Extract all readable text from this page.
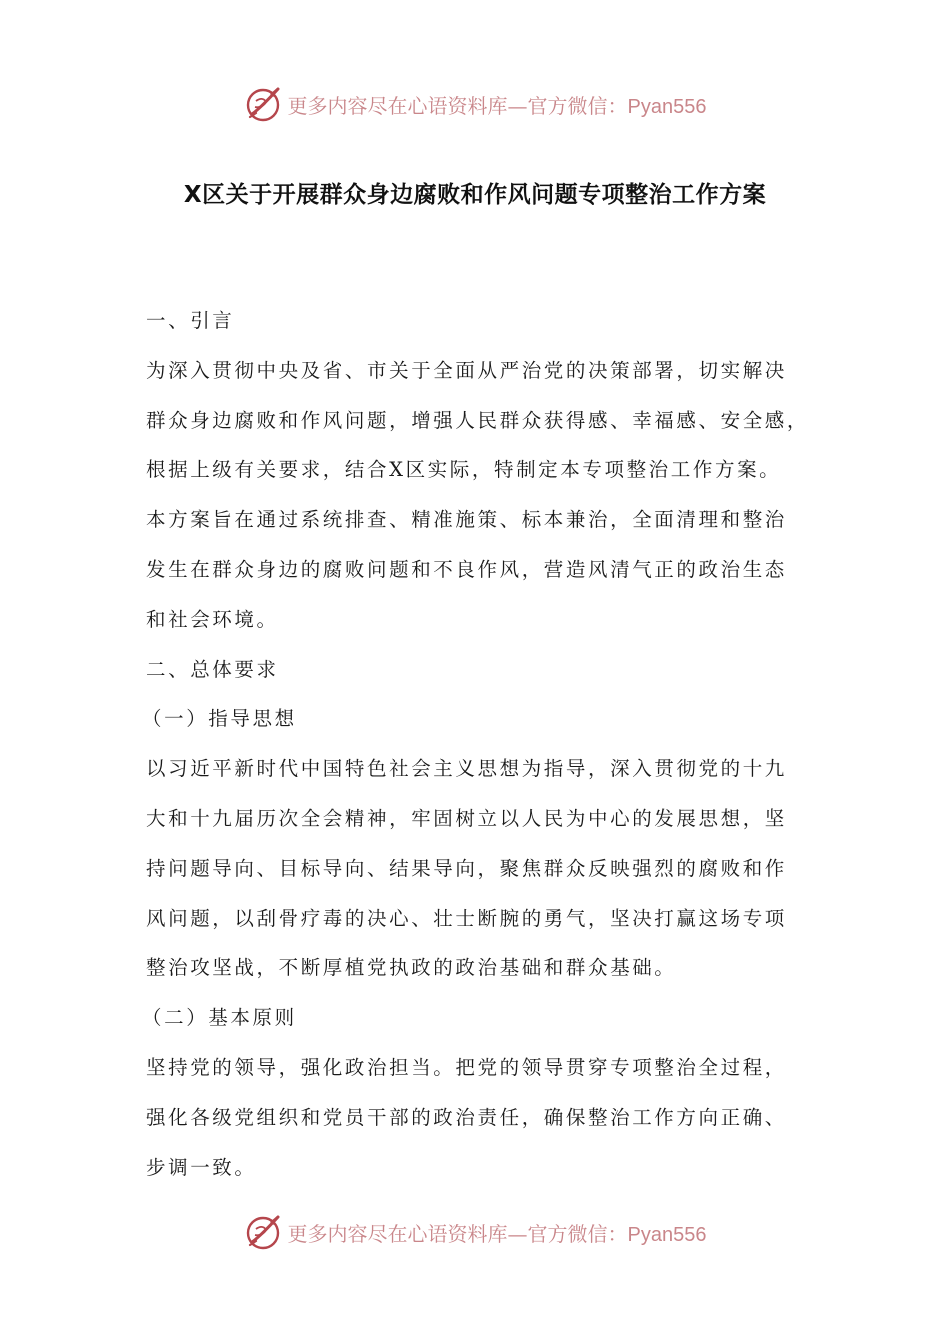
更多内容尽在心语资料库—官方微信：Pyan556
X区关于开展群众身边腐败和作风问题专项整治工作方案
一、引言
为深入贯彻中央及省、市关于全面从严治党的决策部署，切实解决
群众身边腐败和作风问题，增强人民群众获得感、幸福感、安全感，
根据上级有关要求，结合X区实际，特制定本专项整治工作方案。
本方案旨在通过系统排查、精准施策、标本兼治，全面清理和整治
发生在群众身边的腐败问题和不良作风，营造风清气正的政治生态
和社会环境。
二、总体要求
（一）指导思想
以习近平新时代中国特色社会主义思想为指导，深入贯彻党的十九
大和十九届历次全会精神，牢固树立以人民为中心的发展思想，坚
持问题导向、目标导向、结果导向，聚焦群众反映强烈的腐败和作
风问题，以刮骨疗毒的决心、壮士断腕的勇气，坚决打赢这场专项
整治攻坚战，不断厚植党执政的政治基础和群众基础。
（二）基本原则
坚持党的领导，强化政治担当。把党的领导贯穿专项整治全过程，
强化各级党组织和党员干部的政治责任，确保整治工作方向正确、
步调一致。
更多内容尽在心语资料库—官方微信：Pyan556
